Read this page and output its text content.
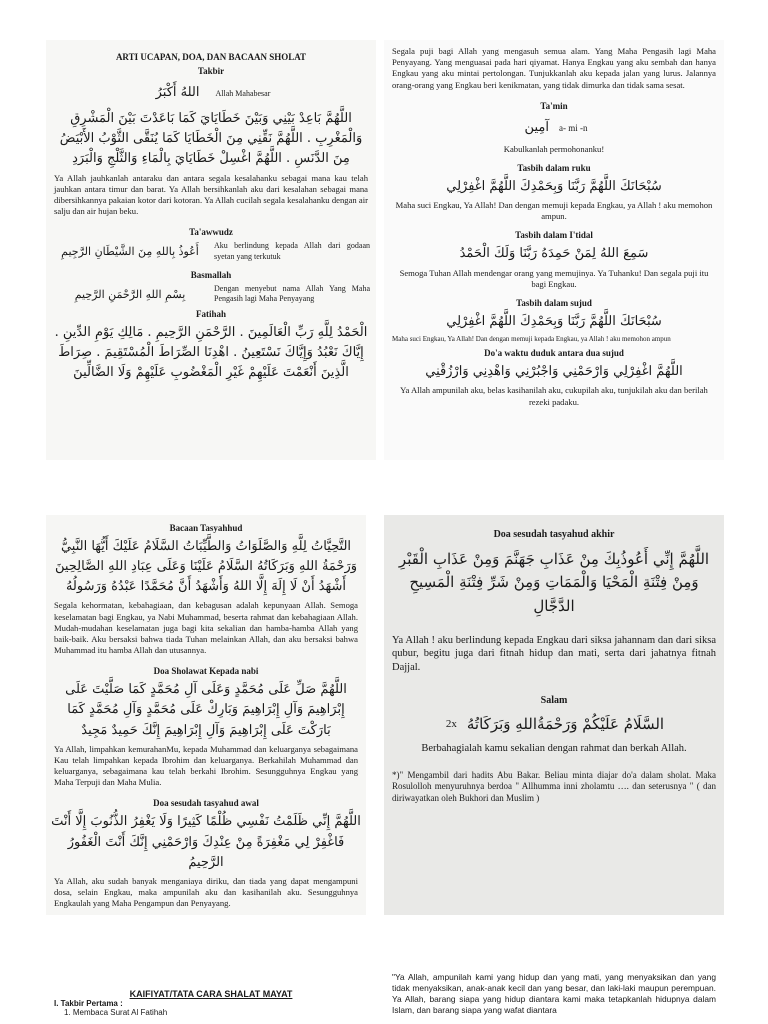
ARTI UCAPAN, DOA, DAN BACAAN SHOLAT
Takbir
اللهُ أَكْبَرُ Allah Mahabesar
اللَّهُمَّ بَاعِدْ بَيْنِي وَبَيْنَ خَطَايَايَ كَمَا بَاعَدْتَ بَيْنَ الْمَشْرِقِ وَالْمَغْرِبِ . اللَّهُمَّ نَقِّنِي مِنَ الْخَطَايَا كَمَا يُنَقَّى الثَّوْبُ الأَبْيَضُ مِنَ الدَّنَسِ . اللَّهُمَّ اغْسِلْ خَطَايَايَ بِالْمَاءِ وَالثَّلْجِ وَالْبَرَدِ
Ya Allah jauhkanlah antaraku dan antara segala kesalahanku sebagai mana kau telah jauhkan antara timur dan barat. Ya Allah bersihkanlah aku dari kesalahan sebagai mana dibersihkannya pakaian kotor dari kotoran. Ya Allah cucilah segala kesalahanku dengan air salju dan air hujan beku.
Ta'awwudz
أَعُوذُ بِاللهِ مِنَ الشَّيْطَانِ الرَّجِيمِ	Aku berlindung kepada Allah dari godaan syetan yang terkutuk
Basmallah
بِسْمِ اللهِ الرَّحْمَنِ الرَّحِيمِ	Dengan menyebut nama Allah Yang Maha Pengasih lagi Maha Penyayang
Fatihah
الْحَمْدُ لِلَّهِ رَبِّ الْعَالَمِينَ . الرَّحْمَنِ الرَّحِيمِ . مَالِكِ يَوْمِ الدِّينِ . إِيَّاكَ نَعْبُدُ وَإِيَّاكَ نَسْتَعِينُ . اهْدِنَا الصِّرَاطَ الْمُسْتَقِيمَ . صِرَاطَ الَّذِينَ أَنْعَمْتَ عَلَيْهِمْ غَيْرِ الْمَغْضُوبِ عَلَيْهِمْ وَلَا الضَّالِّينَ
Segala puji bagi Allah yang mengasuh semua alam. Yang Maha Pengasih lagi Maha Penyayang. Yang menguasai pada hari qiyamat. Hanya Engkau yang aku sembah dan hanya Engkau yang aku mintai pertolongan. Tunjukkanlah aku kepada jalan yang lurus. Jalannya orang-orang yang Engkau beri kenikmatan, yang tidak dimurka dan tidak sama sesat.
Ta'min
آمِين a- mi -n
Kabulkanlah permohonanku!
Tasbih dalam ruku
سُبْحَانَكَ اللَّهُمَّ رَبَّنَا وَبِحَمْدِكَ اللَّهُمَّ اغْفِرْلِي
Maha suci Engkau, Ya Allah! Dan dengan memuji kepada Engkau, ya Allah ! aku memohon ampun.
Tasbih dalam I'tidal
سَمِعَ اللهُ لِمَنْ حَمِدَهُ رَبَّنَا وَلَكَ الْحَمْدُ
Semoga Tuhan Allah mendengar orang yang memujinya. Ya Tuhanku! Dan segala puji itu bagi Engkau.
Tasbih dalam sujud
سُبْحَانَكَ اللَّهُمَّ رَبَّنَا وَبِحَمْدِكَ اللَّهُمَّ اغْفِرْلِي
Maha suci Engkau, Ya Allah! Dan dengan memuji kepada Engkau, ya Allah ! aku memohon ampun
Do'a waktu duduk antara dua sujud
اللَّهُمَّ اغْفِرْلِي وَارْحَمْنِي وَاجْبُرْنِي وَاهْدِنِي وَارْزُقْنِي
Ya Allah ampunilah aku, belas kasihanilah aku, cukupilah aku, tunjukilah aku dan berilah rezeki padaku.
Bacaan Tasyahhud
التَّحِيَّاتُ لِلَّهِ وَالصَّلَوَاتُ وَالطَّيِّبَاتُ السَّلَامُ عَلَيْكَ أَيُّهَا النَّبِيُّ وَرَحْمَةُ اللهِ وَبَرَكَاتُهُ السَّلَامُ عَلَيْنَا وَعَلَى عِبَادِ اللهِ الصَّالِحِينَ أَشْهَدُ أَنْ لَا إِلَهَ إِلَّا اللهُ وَأَشْهَدُ أَنَّ مُحَمَّدًا عَبْدُهُ وَرَسُولُهُ
Segala kehormatan, kebahagiaan, dan kebagusan adalah kepunyaan Allah. Semoga keselamatan bagi Engkau, ya Nabi Muhammad, beserta rahmat dan kebahagiaan Allah. Mudah-mudahan keselamatan juga bagi kita sekalian dan hamba-hamba Allah yang baik-baik. Aku bersaksi bahwa tiada Tuhan melainkan Allah, dan aku bersaksi bahwa Muhammad itu hamba Allah dan utusannya.
Doa Sholawat Kepada nabi
اللَّهُمَّ صَلِّ عَلَى مُحَمَّدٍ وَعَلَى آلِ مُحَمَّدٍ كَمَا صَلَّيْتَ عَلَى إِبْرَاهِيمَ وَآلِ إِبْرَاهِيمَ وَبَارِكْ عَلَى مُحَمَّدٍ وَآلِ مُحَمَّدٍ كَمَا بَارَكْتَ عَلَى إِبْرَاهِيمَ وَآلِ إِبْرَاهِيمَ إِنَّكَ حَمِيدٌ مَجِيدٌ
Ya Allah, limpahkan kemurahanMu, kepada Muhammad dan keluarganya sebagaimana Kau telah limpahkan kepada Ibrohim dan keluarganya. Berkahilah Muhammad dan keluarganya, sebagaimana kau telah berkahi Ibrohim. Sesungguhnya Engkau yang Maha Terpuji dan Maha Mulia.
Doa sesudah tasyahud awal
اللَّهُمَّ إِنِّي ظَلَمْتُ نَفْسِي ظُلْمًا كَثِيرًا وَلَا يَغْفِرُ الذُّنُوبَ إِلَّا أَنْتَ فَاغْفِرْ لِي مَغْفِرَةً مِنْ عِنْدِكَ وَارْحَمْنِي إِنَّكَ أَنْتَ الْغَفُورُ الرَّحِيمُ
Ya Allah, aku sudah banyak menganiaya diriku, dan tiada yang dapat mengampuni dosa, selain Engkau, maka ampunilah aku dan kasihanilah aku. Sesungguhnya Engkaulah yang Maha Pengampun dan Penyayang.
Doa sesudah tasyahud akhir
اللَّهُمَّ إِنِّي أَعُوذُبِكَ مِنْ عَذَابِ جَهَنَّمَ وَمِنْ عَذَابِ الْقَبْرِ وَمِنْ فِتْنَةِ الْمَحْيَا وَالْمَمَاتِ وَمِنْ شَرِّ فِتْنَةِ الْمَسِيحِ الدَّجَّالِ
Ya Allah ! aku berlindung kepada Engkau dari siksa jahannam dan dari siksa qubur, begitu juga dari fitnah hidup dan mati, serta dari jahatnya fitnah Dajjal.
Salam
2x السَّلَامُ عَلَيْكُمْ وَرَحْمَةُاللهِ وَبَرَكَاتُهُ
Berbahagialah kamu sekalian dengan rahmat dan berkah Allah.
*)" Mengambil dari hadits Abu Bakar. Beliau minta diajar do'a dalam sholat. Maka Rosulolloh menyuruhnya berdoa " Allhumma inni zholamtu …. dan seterusnya " ( dan diriwayatkan oleh Bukhori dan Muslim )
KAIFIYAT/TATA CARA SHALAT MAYAT
I. Takbir Pertama :
1. Membaca Surat Al Fatihah
"Ya Allah, ampunilah kami yang hidup dan yang mati, yang menyaksikan dan yang tidak menyaksikan, anak-anak kecil dan yang besar, dan laki-laki maupun perempuan. Ya Allah, barang siapa yang hidup diantara kami maka tetapkanlah hidupnya dalam Islam, dan barang siapa yang wafat diantara
